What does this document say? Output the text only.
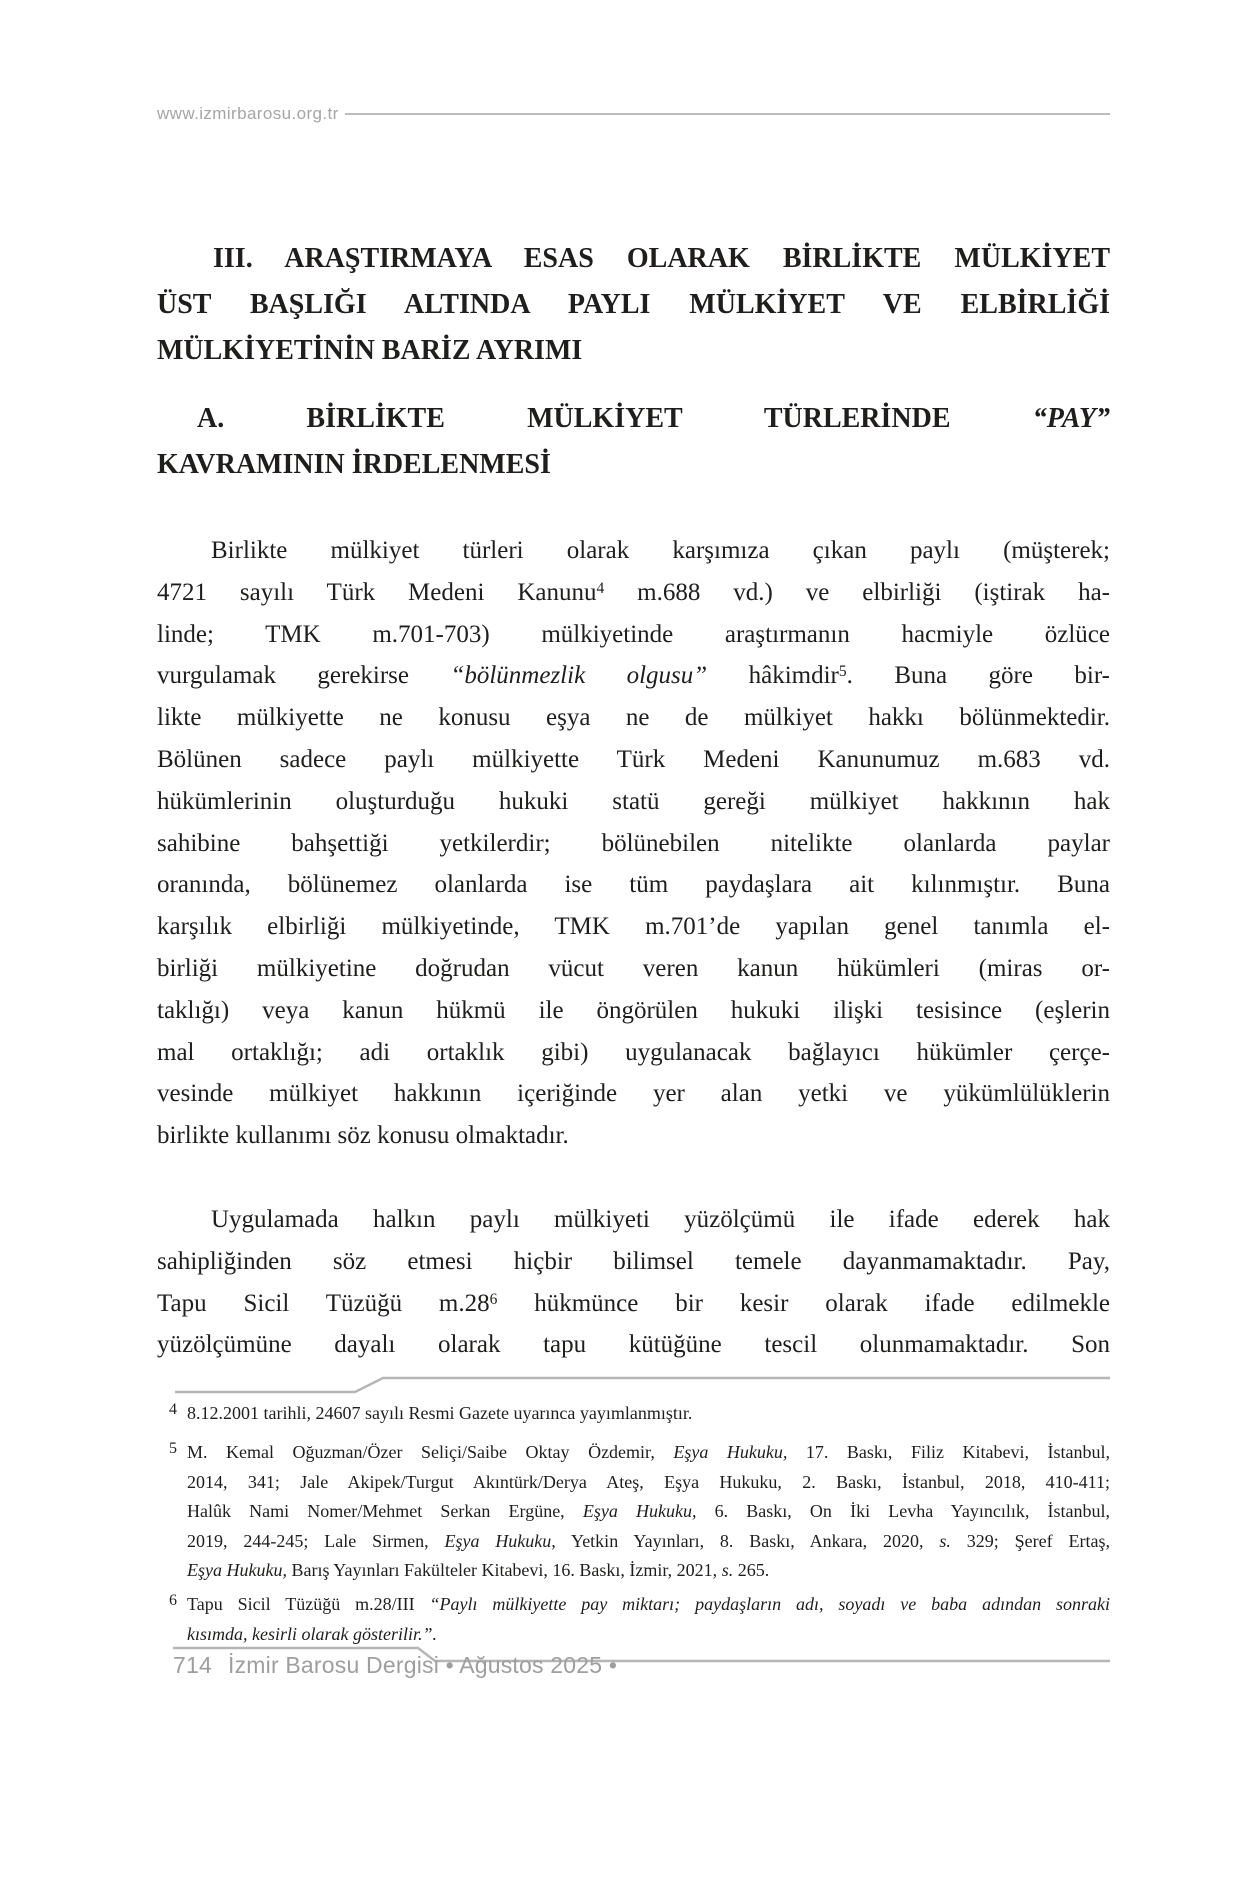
www.izmirbarosu.org.tr
III. ARAŞTIRMAYA ESAS OLARAK BİRLİKTE MÜLKİYET
ÜST BAŞLIĞI ALTINDA PAYLI MÜLKİYET VE ELBİRLİĞİ
MÜLKİYETİNİN BARİZ AYRIMI
A. BİRLİKTE MÜLKİYET TÜRLERİNDE “PAY”
KAVRAMININ İRDELENMESİ
Birlikte mülkiyet türleri olarak karşımıza çıkan paylı (müşterek;
4721 sayılı Türk Medeni Kanunu$^4$ m.688 vd.) ve elbirliği (iştirak ha-
linde; TMK m.701-703) mülkiyetinde araştırmanın hacmiyle özlüce
vurgulamak gerekirse “bölünmezlik olgusu” hâkimdir$^5$. Buna göre bir-
likte mülkiyette ne konusu eşya ne de mülkiyet hakkı bölünmektedir.
Bölünen sadece paylı mülkiyette Türk Medeni Kanunumuz m.683 vd.
hükümlerinin oluşturduğu hukuki statü gereği mülkiyet hakkının hak
sahibine bahşettiği yetkilerdir; bölünebilen nitelikte olanlarda paylar
oranında, bölünemez olanlarda ise tüm paydaşlara ait kılınmıştır. Buna
karşılık elbirliği mülkiyetinde, TMK m.701’de yapılan genel tanımla el-
birliği mülkiyetine doğrudan vücut veren kanun hükümleri (miras or-
taklığı) veya kanun hükmü ile öngörülen hukuki ilişki tesisince (eşlerin
mal ortaklığı; adi ortaklık gibi) uygulanacak bağlayıcı hükümler çerçe-
vesinde mülkiyet hakkının içeriğinde yer alan yetki ve yükümlülüklerin
birlikte kullanımı söz konusu olmaktadır.
Uygulamada halkın paylı mülkiyeti yüzölçümü ile ifade ederek hak
sahipliğinden söz etmesi hiçbir bilimsel temele dayanmamaktadır. Pay,
Tapu Sicil Tüzüğü $m.28^6$ hükmünce bir kesir olarak ifade edilmekle
yüzölçümüne dayalı olarak tapu kütüğüne tescil olunmamaktadır. Son
4 8.12.2001 tarihli, 24607 sayılı Resmi Gazete uyarınca yayımlanmıştır.
5 M. Kemal Oğuzman/Özer Seliçi/Saibe Oktay Özdemir, Eşya Hukuku, 17. Baskı, Filiz Kitabevi, İstanbul,
2014, 341; Jale Akipek/Turgut Akıntürk/Derya Ateş, Eşya Hukuku, 2. Baskı, İstanbul, 2018, 410-411;
Halûk Nami Nomer/Mehmet Serkan Ergüne, Eşya Hukuku, 6. Baskı, On İki Levha Yayıncılık, İstanbul,
2019, 244-245; Lale Sirmen, Eşya Hukuku, Yetkin Yayınları, 8. Baskı, Ankara, 2020, s. 329; Şeref Ertaş,
Eşya Hukuku, Barış Yayınları Fakülteler Kitabevi, 16. Baskı, İzmir, 2021, s. 265.
6 Tapu Sicil Tüzüğü m.28/III “Paylı mülkiyette pay miktarı; paydaşların adı, soyadı ve baba adından sonraki
kısımda, kesirli olarak gösterilir.”.
714 İzmir Barosu Dergisi • Ağustos 2025 •
